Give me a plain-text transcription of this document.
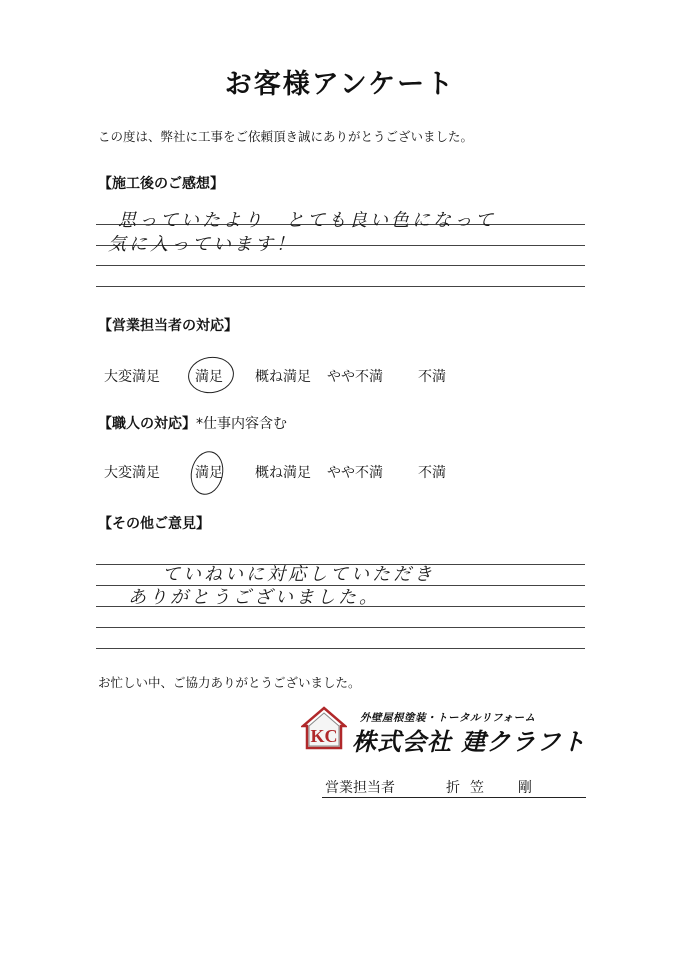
お客様アンケート
この度は、弊社に工事をご依頼頂き誠にありがとうございました。
【施工後のご感想】
思っていたより　とても良い色になって
気に入っています！
【営業担当者の対応】
大変満足	満足 概ね満足 やや不満	不満
【職人の対応】*仕事内容含む
大変満足	満足 概ね満足 やや不満	不満
【その他ご意見】
ていねいに対応していただき
ありがとうございました。
お忙しい中、ご協力ありがとうございました。
KC
外壁屋根塗装・トータルリフォーム
株式会社 建クラフト
営業担当者	折笠　剛
